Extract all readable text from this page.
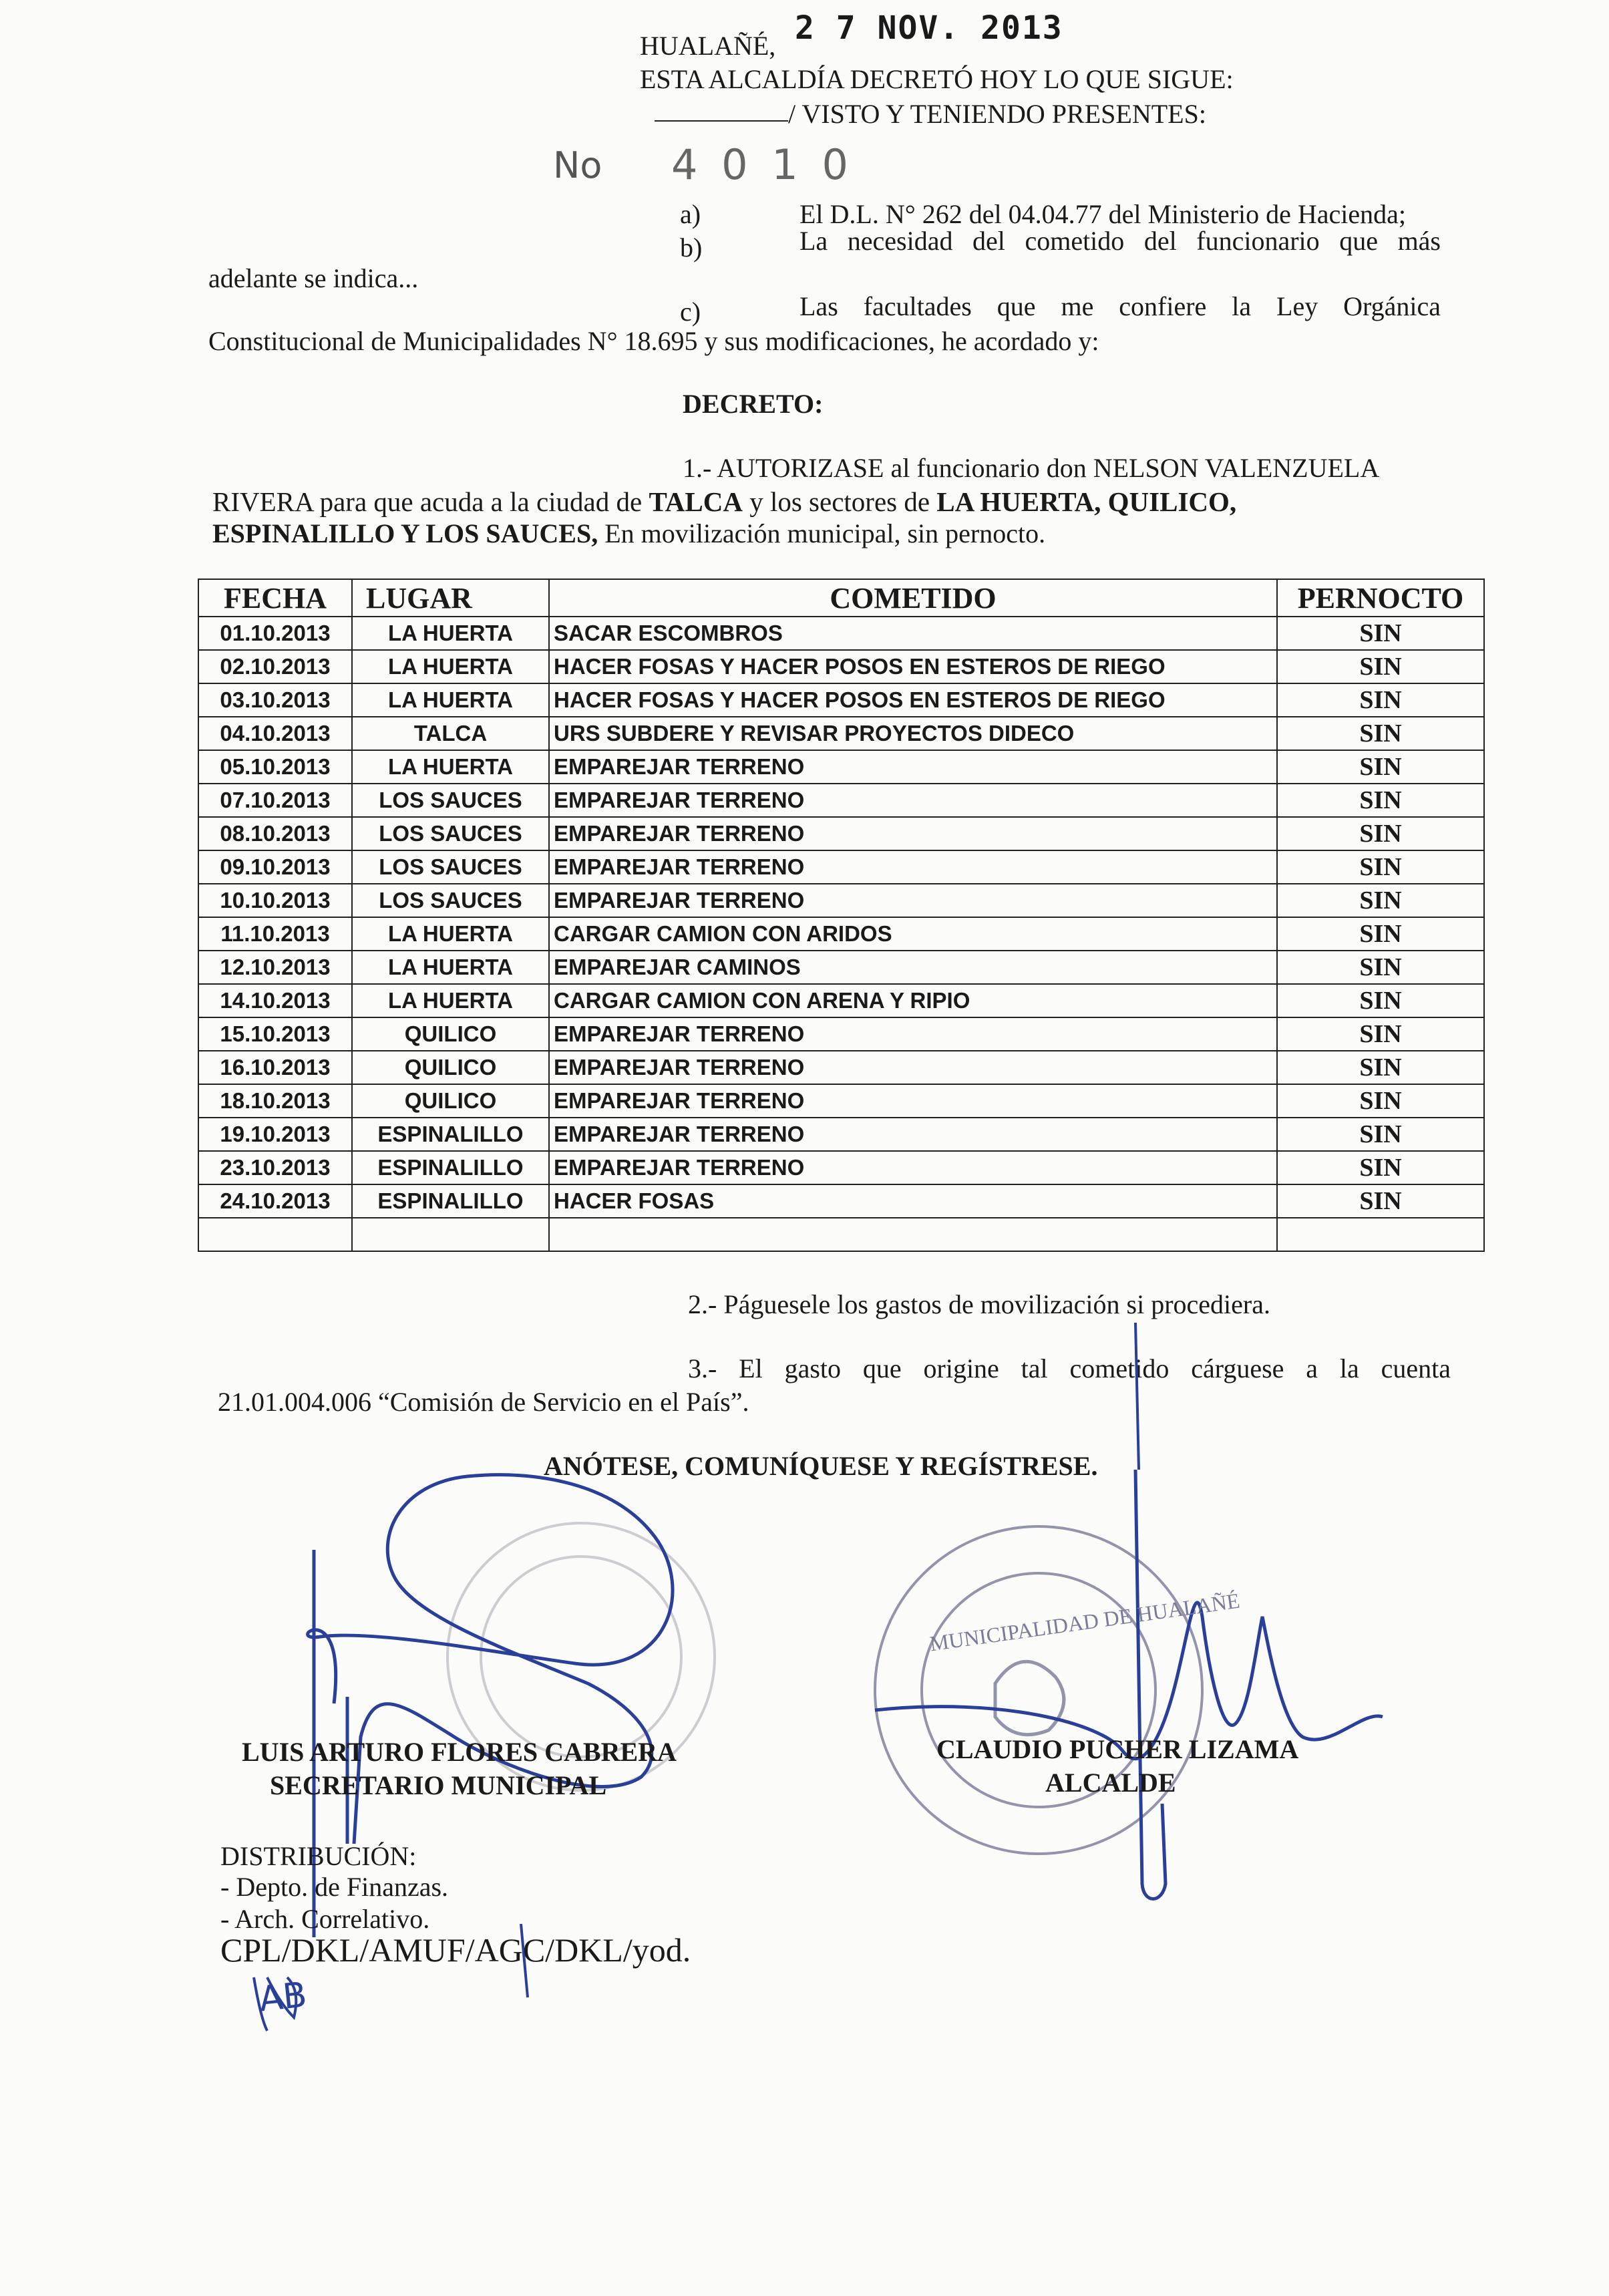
HUALAÑÉ, 2 7 NOV. 2013
ESTA ALCALDÍA DECRETÓ HOY LO QUE SIGUE:
/ VISTO Y TENIENDO PRESENTES:
No 4 0 1 0
a)	El D.L. N° 262 del 04.04.77 del Ministerio de Hacienda;
b)	La necesidad del cometido del funcionario que más
adelante se indica...
c)	Las facultades que me confiere la Ley Orgánica
Constitucional de Municipalidades N° 18.695 y sus modificaciones, he acordado y:
DECRETO:
1.- AUTORIZASE al funcionario don NELSON VALENZUELA
RIVERA para que acuda a la ciudad de TALCA y los sectores de LA HUERTA, QUILICO,
ESPINALILLO Y LOS SAUCES, En movilización municipal, sin pernocto.
FECHA	LUGAR	COMETIDO	PERNOCTO
01.10.2013	LA HUERTA	SACAR ESCOMBROS	SIN
02.10.2013	LA HUERTA	HACER FOSAS Y HACER POSOS EN ESTEROS DE RIEGO	SIN
03.10.2013	LA HUERTA	HACER FOSAS Y HACER POSOS EN ESTEROS DE RIEGO	SIN
04.10.2013	TALCA	URS SUBDERE Y REVISAR PROYECTOS DIDECO	SIN
05.10.2013	LA HUERTA	EMPAREJAR TERRENO	SIN
07.10.2013	LOS SAUCES	EMPAREJAR TERRENO	SIN
08.10.2013	LOS SAUCES	EMPAREJAR TERRENO	SIN
09.10.2013	LOS SAUCES	EMPAREJAR TERRENO	SIN
10.10.2013	LOS SAUCES	EMPAREJAR TERRENO	SIN
11.10.2013	LA HUERTA	CARGAR CAMION CON ARIDOS	SIN
12.10.2013	LA HUERTA	EMPAREJAR CAMINOS	SIN
14.10.2013	LA HUERTA	CARGAR CAMION CON ARENA Y RIPIO	SIN
15.10.2013	QUILICO	EMPAREJAR TERRENO	SIN
16.10.2013	QUILICO	EMPAREJAR TERRENO	SIN
18.10.2013	QUILICO	EMPAREJAR TERRENO	SIN
19.10.2013	ESPINALILLO	EMPAREJAR TERRENO	SIN
23.10.2013	ESPINALILLO	EMPAREJAR TERRENO	SIN
24.10.2013	ESPINALILLO	HACER FOSAS	SIN

2.- Páguesele los gastos de movilización si procediera.
3.- El gasto que origine tal cometido cárguese a la cuenta
21.01.004.006 “Comisión de Servicio en el País”.
ANÓTESE, COMUNÍQUESE Y REGÍSTRESE.
LUIS ARTURO FLORES CABRERA
SECRETARIO MUNICIPAL
CLAUDIO PUCHER LIZAMA
ALCALDE
MUNICIPALIDAD DE HUALAÑÉ
DISTRIBUCIÓN:
- Depto. de Finanzas.
- Arch. Correlativo.
CPL/DKL/AMUF/AGC/DKL/yod.
AB
